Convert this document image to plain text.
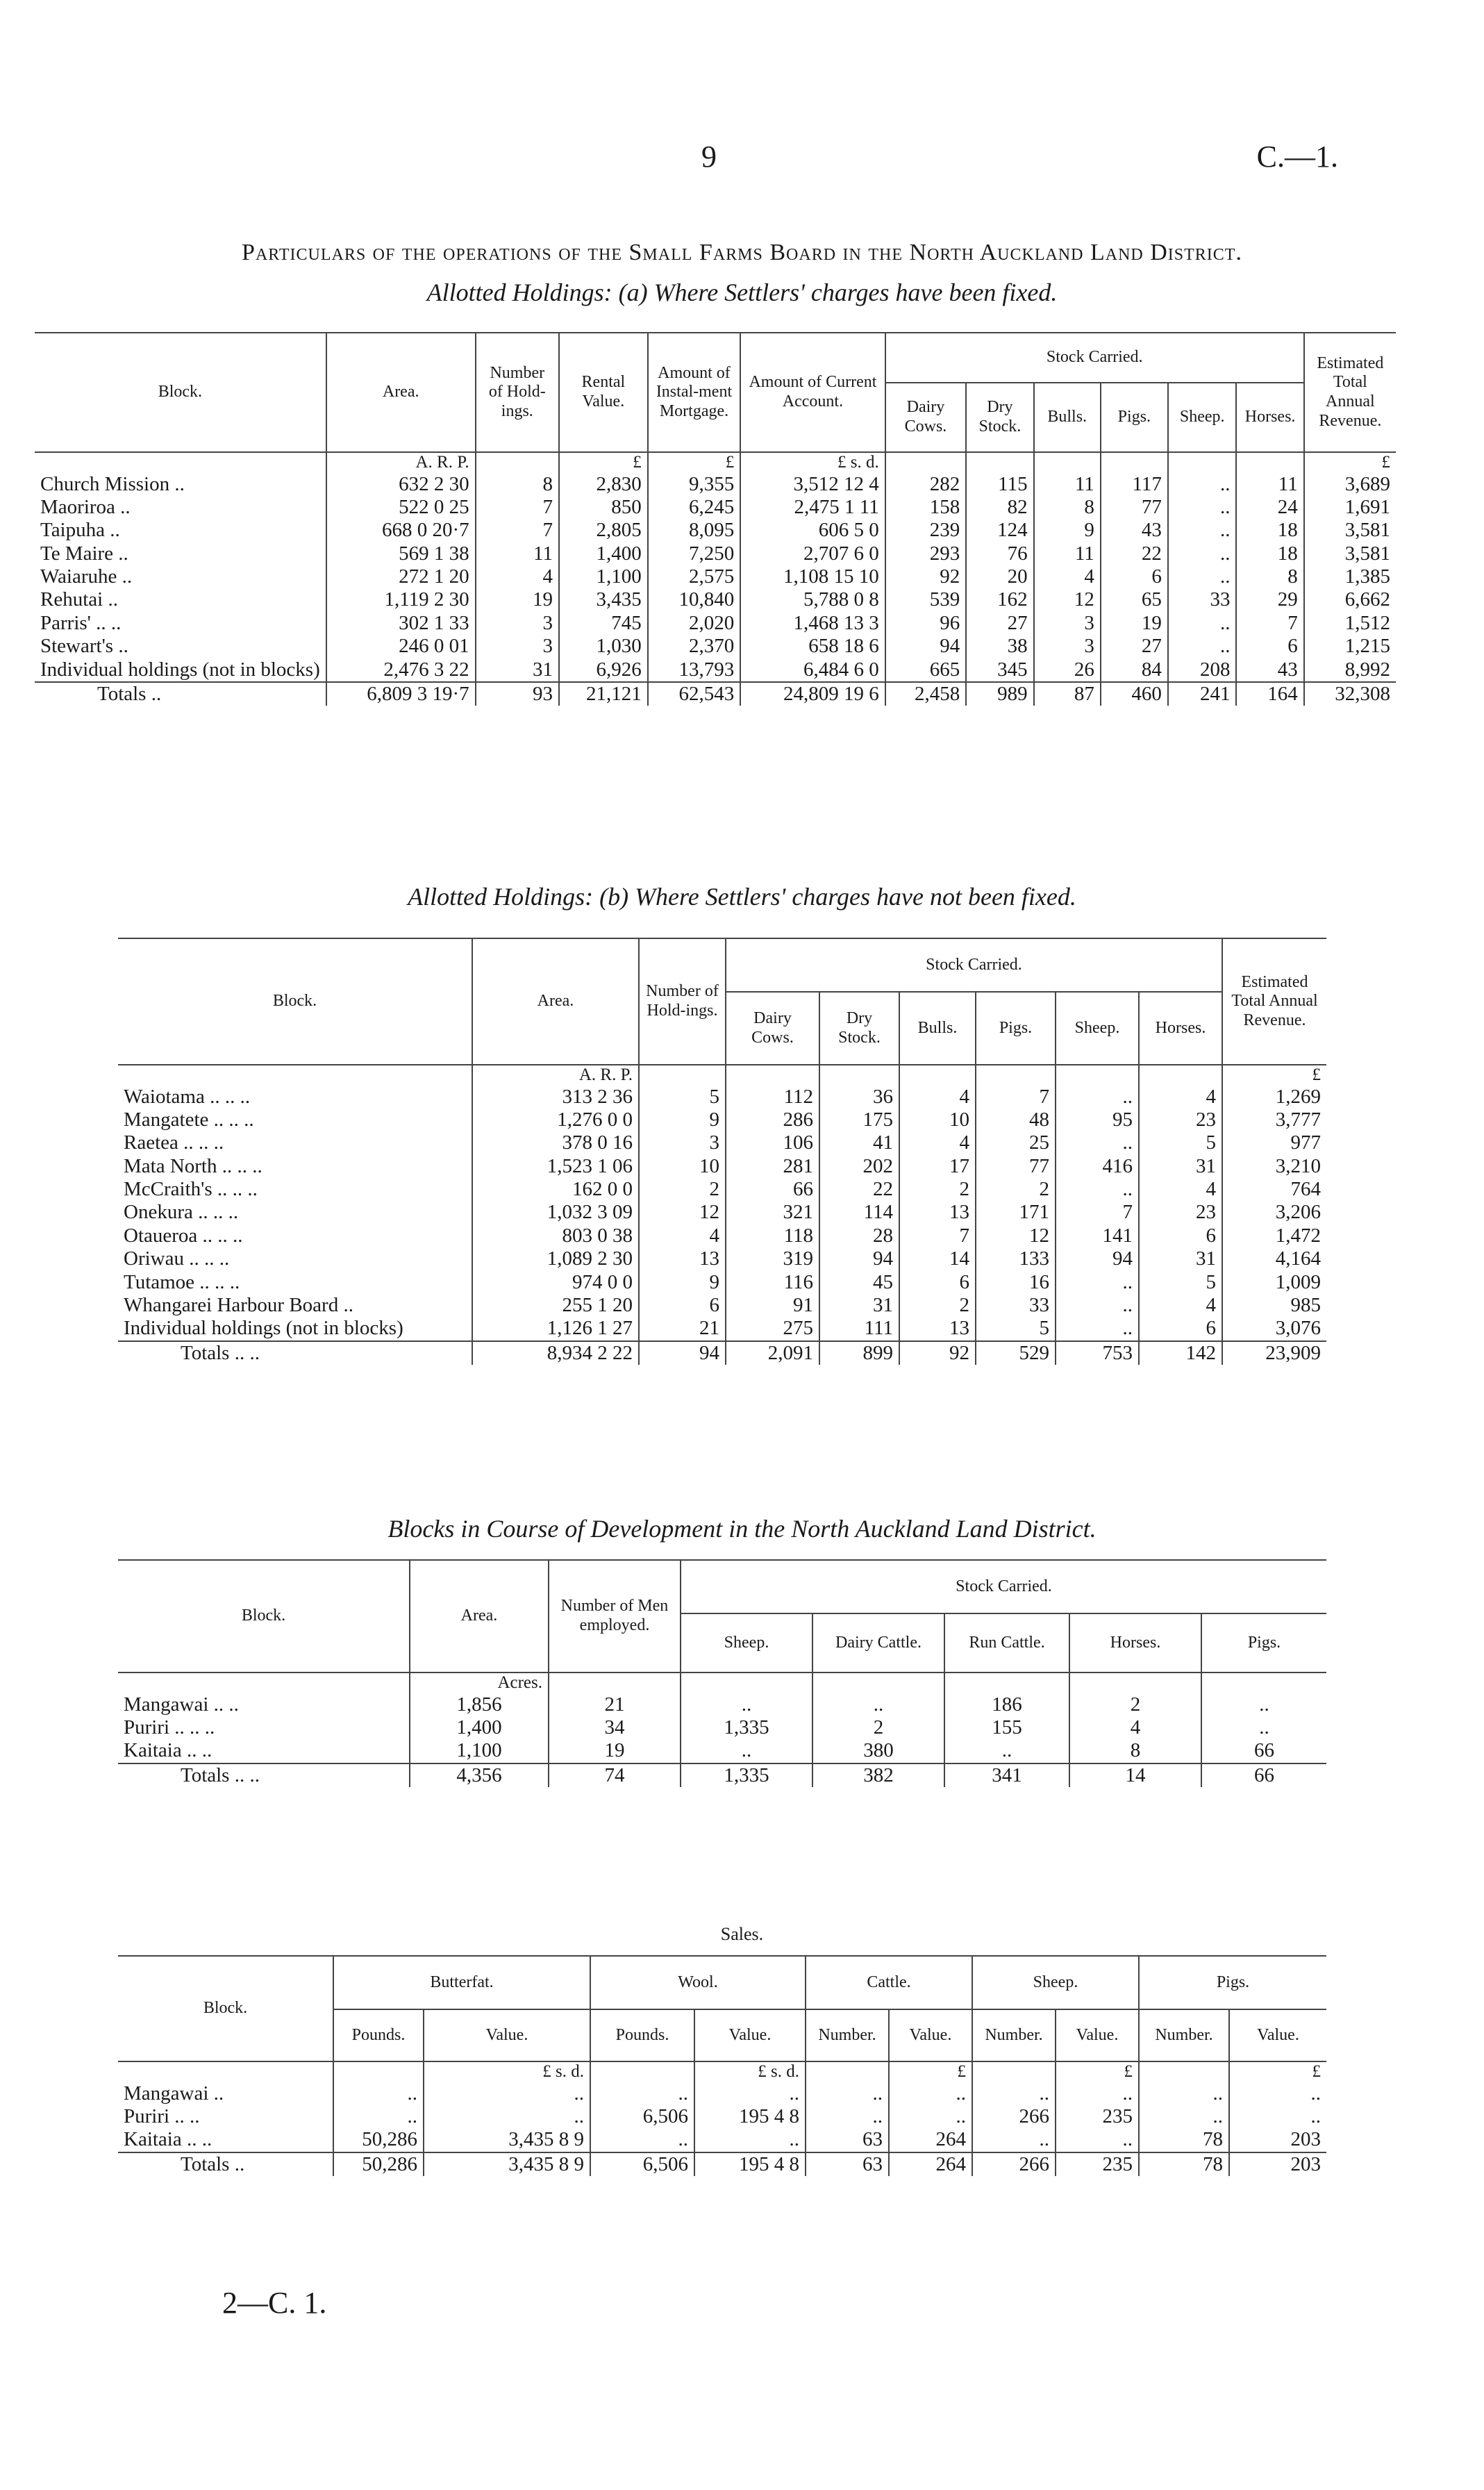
9	C.—1.
Particulars of the operations of the Small Farms Board in the North Auckland Land District.
Allotted Holdings: (a) Where Settlers' charges have been fixed.
Block.	Area.	Number of Hold-ings.	Rental Value.	Amount of Instal-ment Mortgage.	Amount of Current Account.	Stock Carried.						Estimated Total Annual Revenue.
						Dairy Cows.	Dry Stock.	Bulls.	Pigs.	Sheep.	Horses.	
	A. R. P.		£	£	£ s. d.							£
Church Mission ..	632 2 30	8	2,830	9,355	3,512 12 4	282	115	11	117	..	11	3,689
Maoriroa ..	522 0 25	7	850	6,245	2,475 1 11	158	82	8	77	..	24	1,691
Taipuha ..	668 0 20·7	7	2,805	8,095	606 5 0	239	124	9	43	..	18	3,581
Te Maire ..	569 1 38	11	1,400	7,250	2,707 6 0	293	76	11	22	..	18	3,581
Waiaruhe ..	272 1 20	4	1,100	2,575	1,108 15 10	92	20	4	6	..	8	1,385
Rehutai ..	1,119 2 30	19	3,435	10,840	5,788 0 8	539	162	12	65	33	29	6,662
Parris' .. ..	302 1 33	3	745	2,020	1,468 13 3	96	27	3	19	..	7	1,512
Stewart's ..	246 0 01	3	1,030	2,370	658 18 6	94	38	3	27	..	6	1,215
Individual holdings (not in blocks)	2,476 3 22	31	6,926	13,793	6,484 6 0	665	345	26	84	208	43	8,992
Totals ..	6,809 3 19·7	93	21,121	62,543	24,809 19 6	2,458	989	87	460	241	164	32,308
Allotted Holdings: (b) Where Settlers' charges have not been fixed.
Block.	Area.	Number of Hold-ings.	Stock Carried.						Estimated Total Annual Revenue.
			Dairy Cows.	Dry Stock.	Bulls.	Pigs.	Sheep.	Horses.	
	A. R. P.								£
Waiotama .. .. ..	313 2 36	5	112	36	4	7	..	4	1,269
Mangatete .. .. ..	1,276 0 0	9	286	175	10	48	95	23	3,777
Raetea .. .. ..	378 0 16	3	106	41	4	25	..	5	977
Mata North .. .. ..	1,523 1 06	10	281	202	17	77	416	31	3,210
McCraith's .. .. ..	162 0 0	2	66	22	2	2	..	4	764
Onekura .. .. ..	1,032 3 09	12	321	114	13	171	7	23	3,206
Otaueroa .. .. ..	803 0 38	4	118	28	7	12	141	6	1,472
Oriwau .. .. ..	1,089 2 30	13	319	94	14	133	94	31	4,164
Tutamoe .. .. ..	974 0 0	9	116	45	6	16	..	5	1,009
Whangarei Harbour Board ..	255 1 20	6	91	31	2	33	..	4	985
Individual holdings (not in blocks)	1,126 1 27	21	275	111	13	5	..	6	3,076
Totals .. ..	8,934 2 22	94	2,091	899	92	529	753	142	23,909
Blocks in Course of Development in the North Auckland Land District.
Block.	Area.	Number of Men employed.	Stock Carried.				
			Sheep.	Dairy Cattle.	Run Cattle.	Horses.	Pigs.
	Acres.						
Mangawai .. ..	1,856	21	..	..	186	2	..
Puriri .. .. ..	1,400	34	1,335	2	155	4	..
Kaitaia .. ..	1,100	19	..	380	..	8	66
Totals .. ..	4,356	74	1,335	382	341	14	66
Sales.
Block.	Butterfat.		Wool.		Cattle.		Sheep.		Pigs.	
	Pounds.	Value.	Pounds.	Value.	Number.	Value.	Number.	Value.	Number.	Value.
		£ s. d.		£ s. d.		£		£		£
Mangawai ..	..	..	..	..	..	..	..	..	..	..
Puriri .. ..	..	..	6,506	195 4 8	..	..	266	235	..	..
Kaitaia .. ..	50,286	3,435 8 9	..	..	63	264	..	..	78	203
Totals ..	50,286	3,435 8 9	6,506	195 4 8	63	264	266	235	78	203
2—C. 1.
